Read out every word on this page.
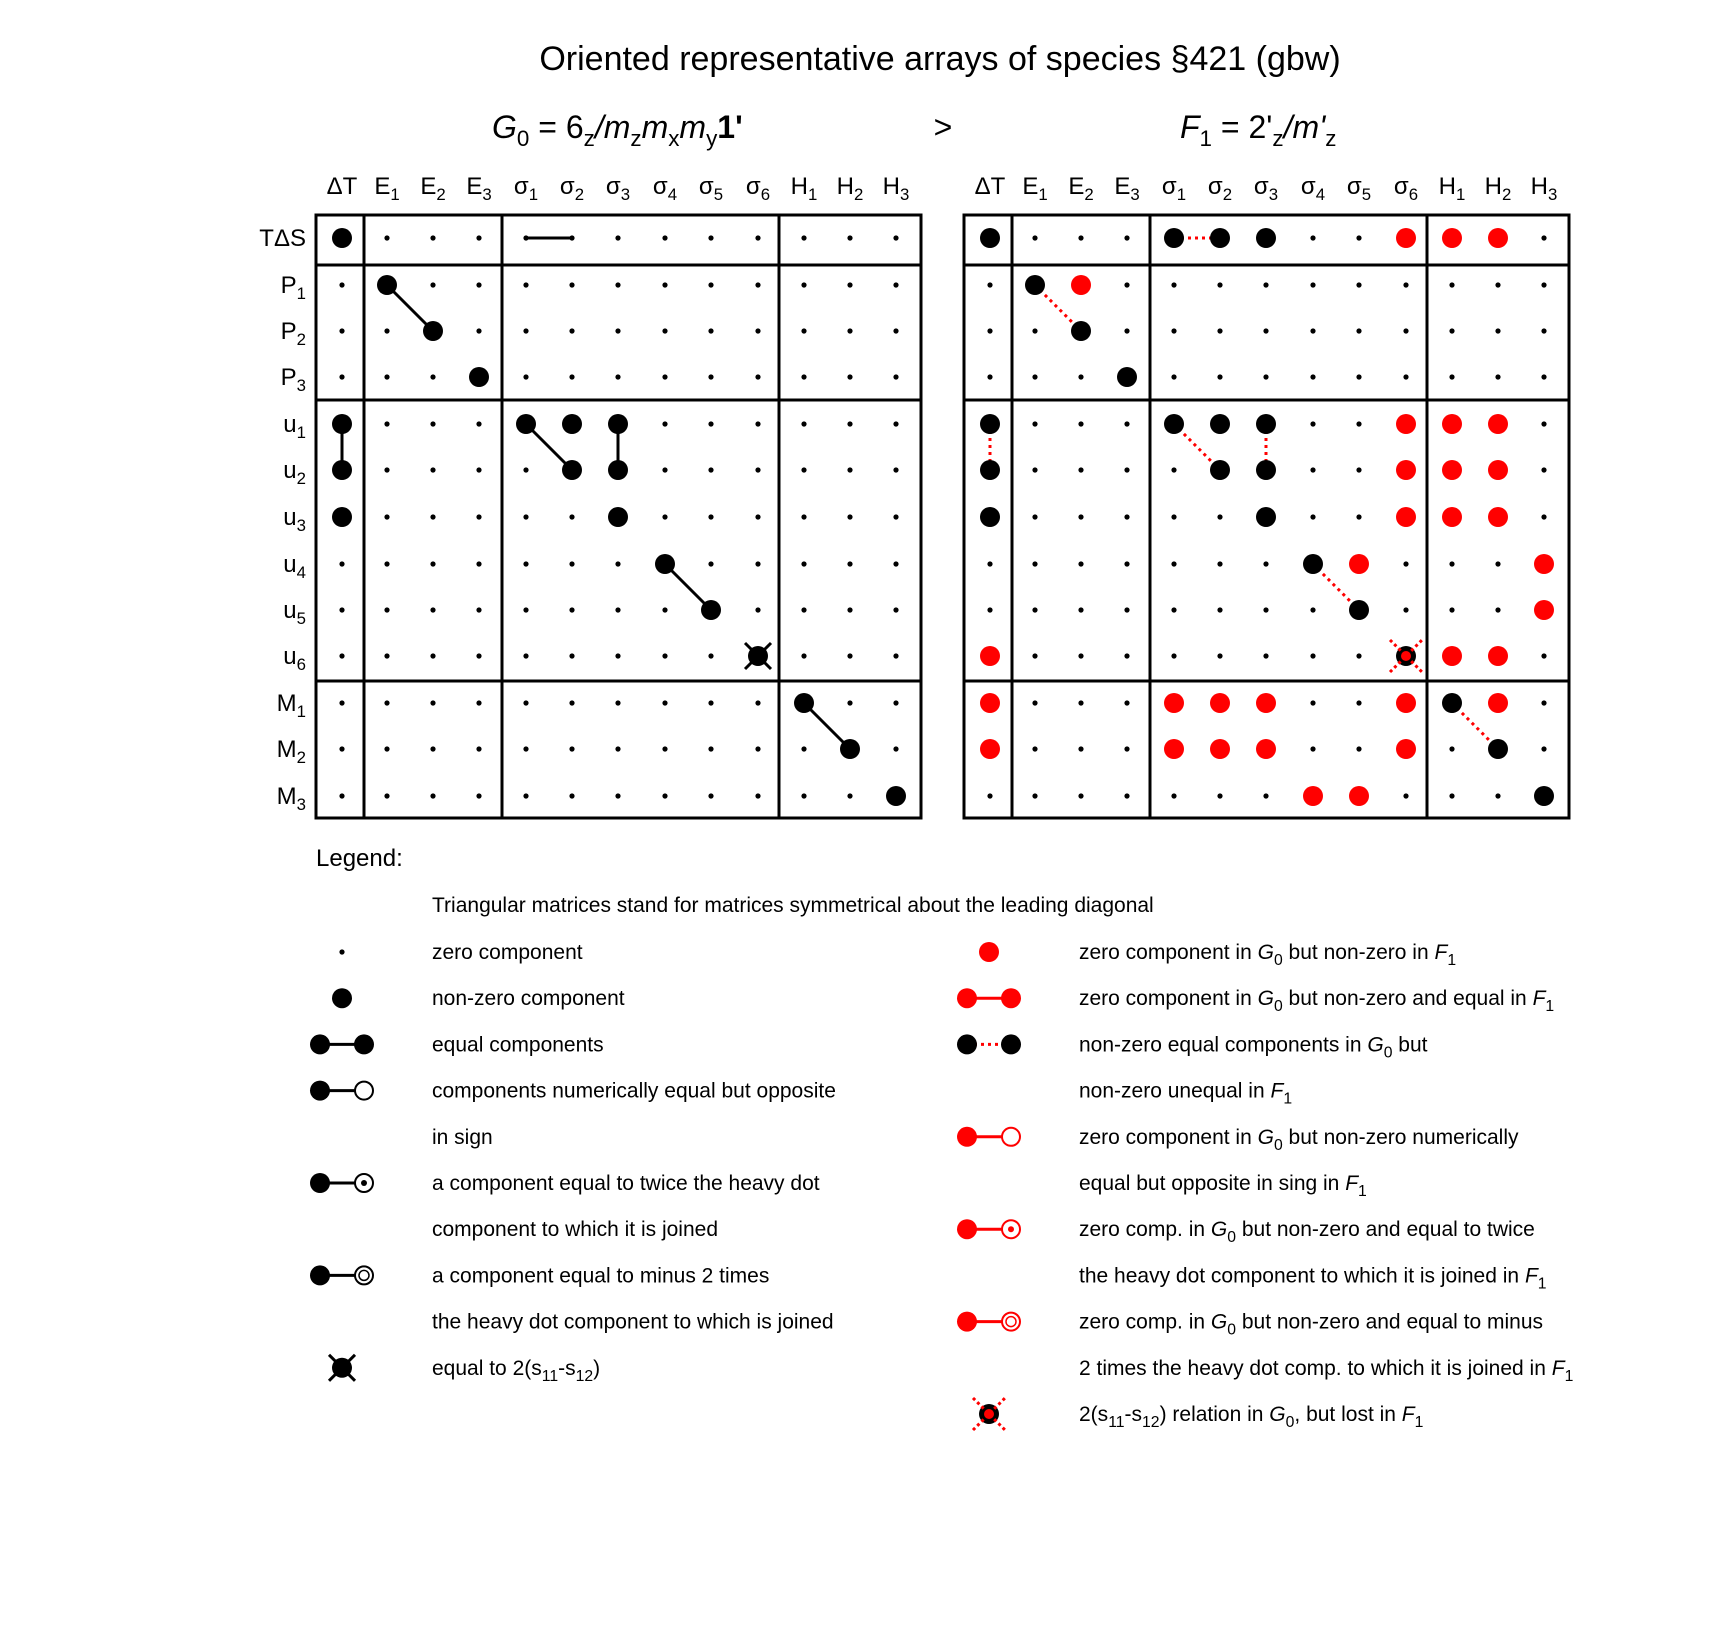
Oriented representative arrays of species §421 (gbw)
>
G0 = 6z/mzmxmy1'	F1 = 2'z/m'z
ΔT E1 E2 E3 σ1 σ2 σ3 σ4 σ5 σ6 H1 H2 H3
TΔS
P1
P2
P3
u1
u2
u3
u4
u5
u6
M1
M2
M3
ΔT E1 E2 E3 σ1 σ2 σ3 σ4 σ5 σ6 H1 H2 H3
Legend:
Triangular matrices stand for matrices symmetrical about the leading diagonal
zero component
non-zero component
equal components
components numerically equal but opposite
in sign
a component equal to twice the heavy dot
component to which it is joined
a component equal to minus 2 times
the heavy dot component to which is joined
equal to 2(s11-s12)
zero component in G0 but non-zero in F1
zero component in G0 but non-zero and equal in F1
non-zero equal components in G0 but
non-zero unequal in F1
zero component in G0 but non-zero numerically
equal but opposite in sing in F1
zero comp. in G0 but non-zero and equal to twice
the heavy dot component to which it is joined in F1
zero comp. in G0 but non-zero and equal to minus
2 times the heavy dot comp. to which it is joined in F1
2(s11-s12) relation in G0, but lost in F1
